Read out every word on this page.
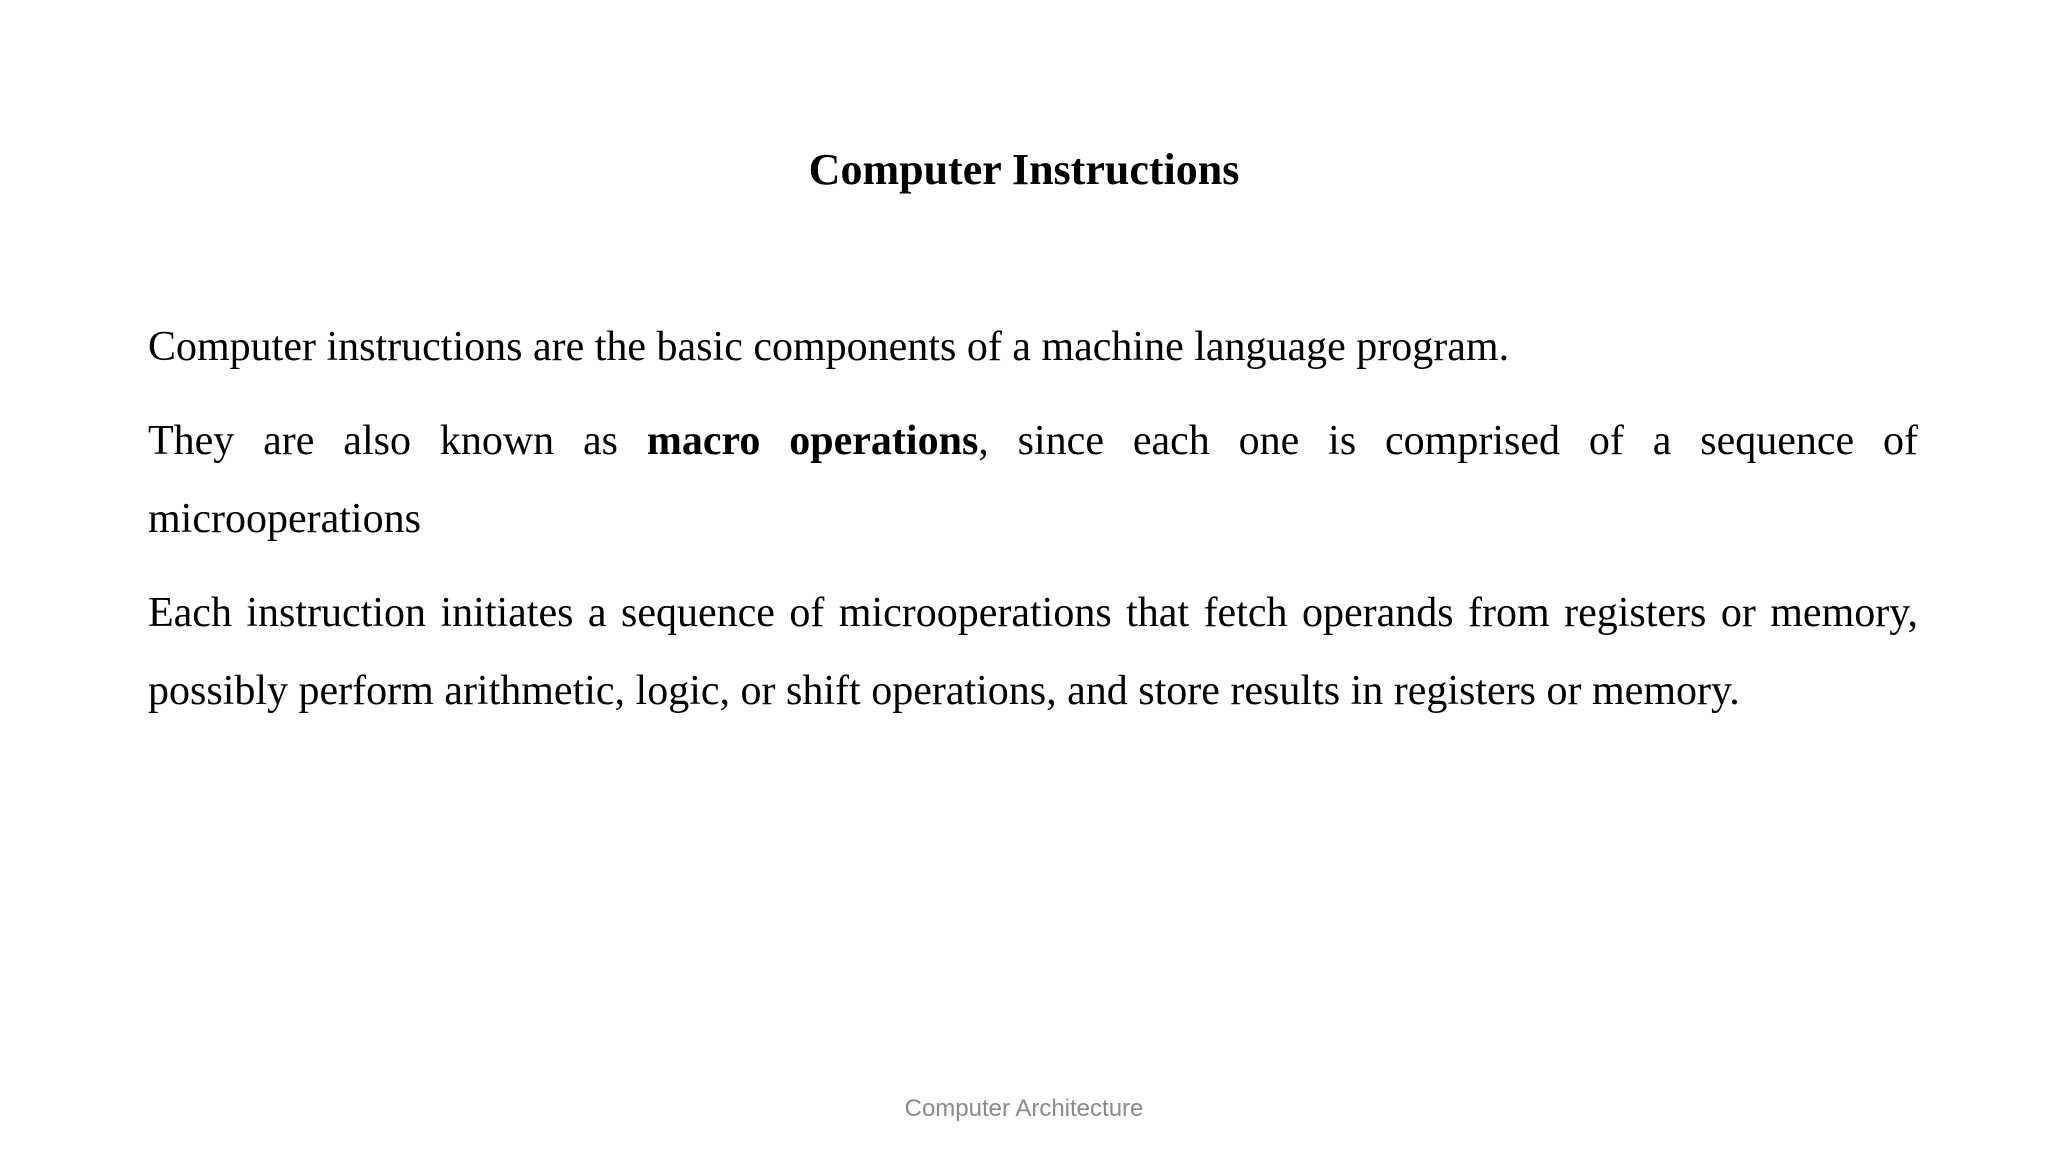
Computer Instructions

Computer instructions are the basic components of a machine language program.

They are also known as macro operations, since each one is comprised of a sequence of microoperations

Each instruction initiates a sequence of microoperations that fetch operands from registers or memory, possibly perform arithmetic, logic, or shift operations, and store results in registers or memory.

Computer Architecture
